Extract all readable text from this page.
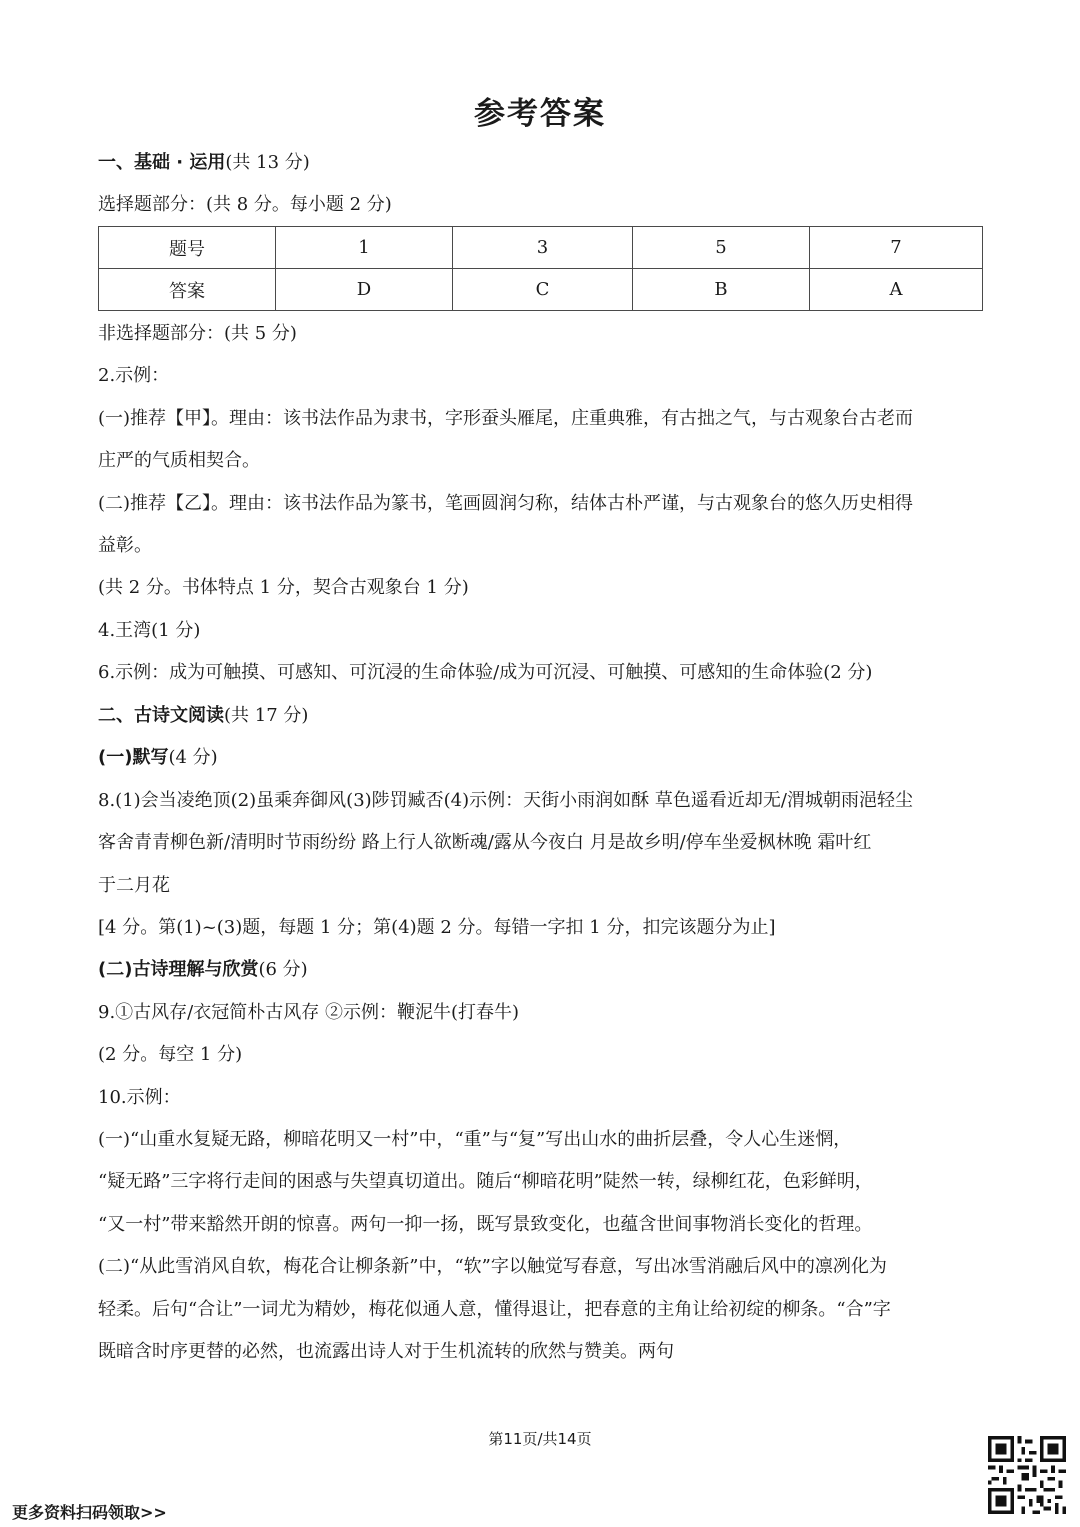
参考答案
一、基础 · 运用(共 13 分)
选择题部分：(共 8 分。每小题 2 分)
题号	1	3	5	7
答案	D	C	B	A
非选择题部分：(共 5 分)
2.示例：
(一)推荐【甲】。理由：该书法作品为隶书，字形蚕头雁尾，庄重典雅，有古拙之气，与古观象台古老而
庄严的气质相契合。
(二)推荐【乙】。理由：该书法作品为篆书，笔画圆润匀称，结体古朴严谨，与古观象台的悠久历史相得
益彰。
(共 2 分。书体特点 1 分，契合古观象台 1 分)
4.王湾(1 分)
6.示例：成为可触摸、可感知、可沉浸的生命体验/成为可沉浸、可触摸、可感知的生命体验(2 分)
二、古诗文阅读(共 17 分)
(一)默写(4 分)
8.(1)会当凌绝顶(2)虽乘奔御风(3)陟罚臧否(4)示例：天街小雨润如酥 草色遥看近却无/渭城朝雨浥轻尘
客舍青青柳色新/清明时节雨纷纷 路上行人欲断魂/露从今夜白 月是故乡明/停车坐爱枫林晚 霜叶红
于二月花
[4 分。第(1)~(3)题，每题 1 分；第(4)题 2 分。每错一字扣 1 分，扣完该题分为止]
(二)古诗理解与欣赏(6 分)
9.①古风存/衣冠简朴古风存 ②示例：鞭泥牛(打春牛)
(2 分。每空 1 分)
10.示例：
(一)“山重水复疑无路，柳暗花明又一村”中，“重”与“复”写出山水的曲折层叠，令人心生迷惘，
“疑无路”三字将行走间的困惑与失望真切道出。随后“柳暗花明”陡然一转，绿柳红花，色彩鲜明，
“又一村”带来豁然开朗的惊喜。两句一抑一扬，既写景致变化，也蕴含世间事物消长变化的哲理。
(二)“从此雪消风自软，梅花合让柳条新”中，“软”字以触觉写春意，写出冰雪消融后风中的凛冽化为
轻柔。后句“合让”一词尤为精妙，梅花似通人意，懂得退让，把春意的主角让给初绽的柳条。“合”字
既暗含时序更替的必然，也流露出诗人对于生机流转的欣然与赞美。两句
第11页/共14页
更多资料扫码领取>>
